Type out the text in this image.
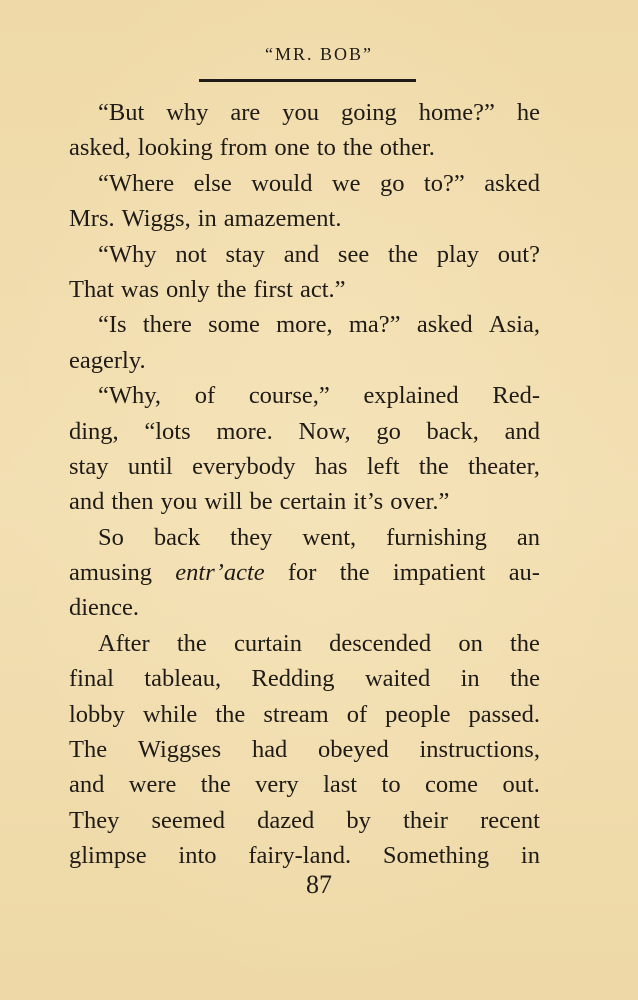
“MR. BOB”
“But why are you going home?” he
asked, looking from one to the other.
“Where else would we go to?” asked
Mrs. Wiggs, in amazement.
“Why not stay and see the play out?
That was only the first act.”
“Is there some more, ma?” asked Asia,
eagerly.
“Why, of course,” explained Red-
ding, “lots more. Now, go back, and
stay until everybody has left the theater,
and then you will be certain it’s over.”
So back they went, furnishing an
amusing entr’acte for the impatient au-
dience.
After the curtain descended on the
final tableau, Redding waited in the
lobby while the stream of people passed.
The Wiggses had obeyed instructions,
and were the very last to come out.
They seemed dazed by their recent
glimpse into fairy-land. Something in
87
